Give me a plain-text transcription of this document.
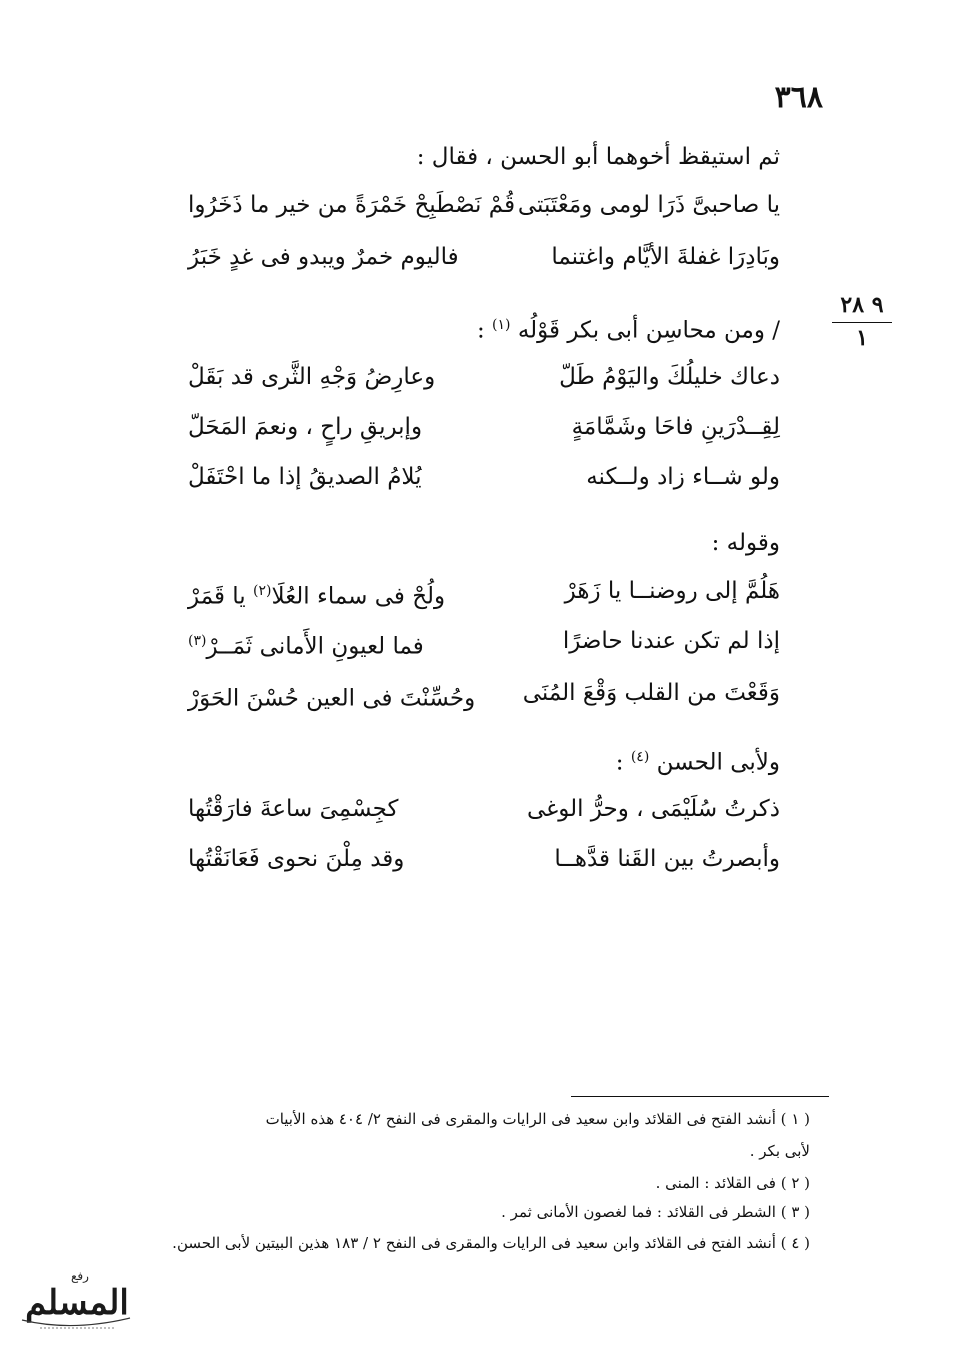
٣٦٨
٩ ٢٨
١
ثم استيقظ أخوهما أبو الحسن ، فقال :
يا صاحبىَّ ذَرَا لومى ومَعْتَبَتى
قُمْ نَصْطَبِحْ خَمْرَةً من خير ما ذَخَرُوا
وبَادِرَا غفلةَ الأيَّام واغتنما
فاليوم خمرٌ ويبدو فى غدٍ خَبَرُ
/ ومن محاسِن أبى بكر قَوْلُه $^{(١)}$ :
دعاك خليلُكَ واليَوْمُ طَلّ
وعارِضُ وَجْهِ الثَّرى قد بَقَلْ
لِقِــدْرَينِ فاحَا وشَمَّامَةٍ
وإبريقِ راحٍ ، ونعمَ المَحَلّ
ولو شــاء زاد ولــكنه
يُلامُ الصديقُ إذا ما احْتَفَلْ
وقوله :
هَلُمَّ إلى روضنــا يا زَهَرْ
ولُحْ فى سماء العُلَا$^{(٢)}$ يا قَمَرْ
إذا لم تكن عندنا حاضرًا
فما لعيونِ الأَمانى ثَمَــرْ$^{(٣)}$
وَقَعْتَ من القلب وَقْعَ المُنَى
وحُسِّنْتَ فى العين حُسْنَ الحَوَرْ
ولأبى الحسن $^{(٤)}$ :
ذكرتُ سُلَيْمَى ، وحرُّ الوغى
كجِسْمِىَ ساعةَ فارَقْتُها
وأبصرتُ بين القَنا قدَّهــا
وقد مِلْنَ نحوى فَعَانَقْتُها
( ١ ) أنشد الفتح فى القلائد وابن سعيد فى الرايات والمقرى فى النفح ٢/ ٤٠٤ هذه الأبيات
لأبى بكر .
( ٢ ) فى القلائد : المنى .
( ٣ ) الشطر فى القلائد : فما لغصون الأمانى ثمر .
( ٤ ) أنشد الفتح فى القلائد وابن سعيد فى الرايات والمقرى فى النفح ٢ / ١٨٣ هذين البيتين لأبى الحسن.
رفع
المسلم
